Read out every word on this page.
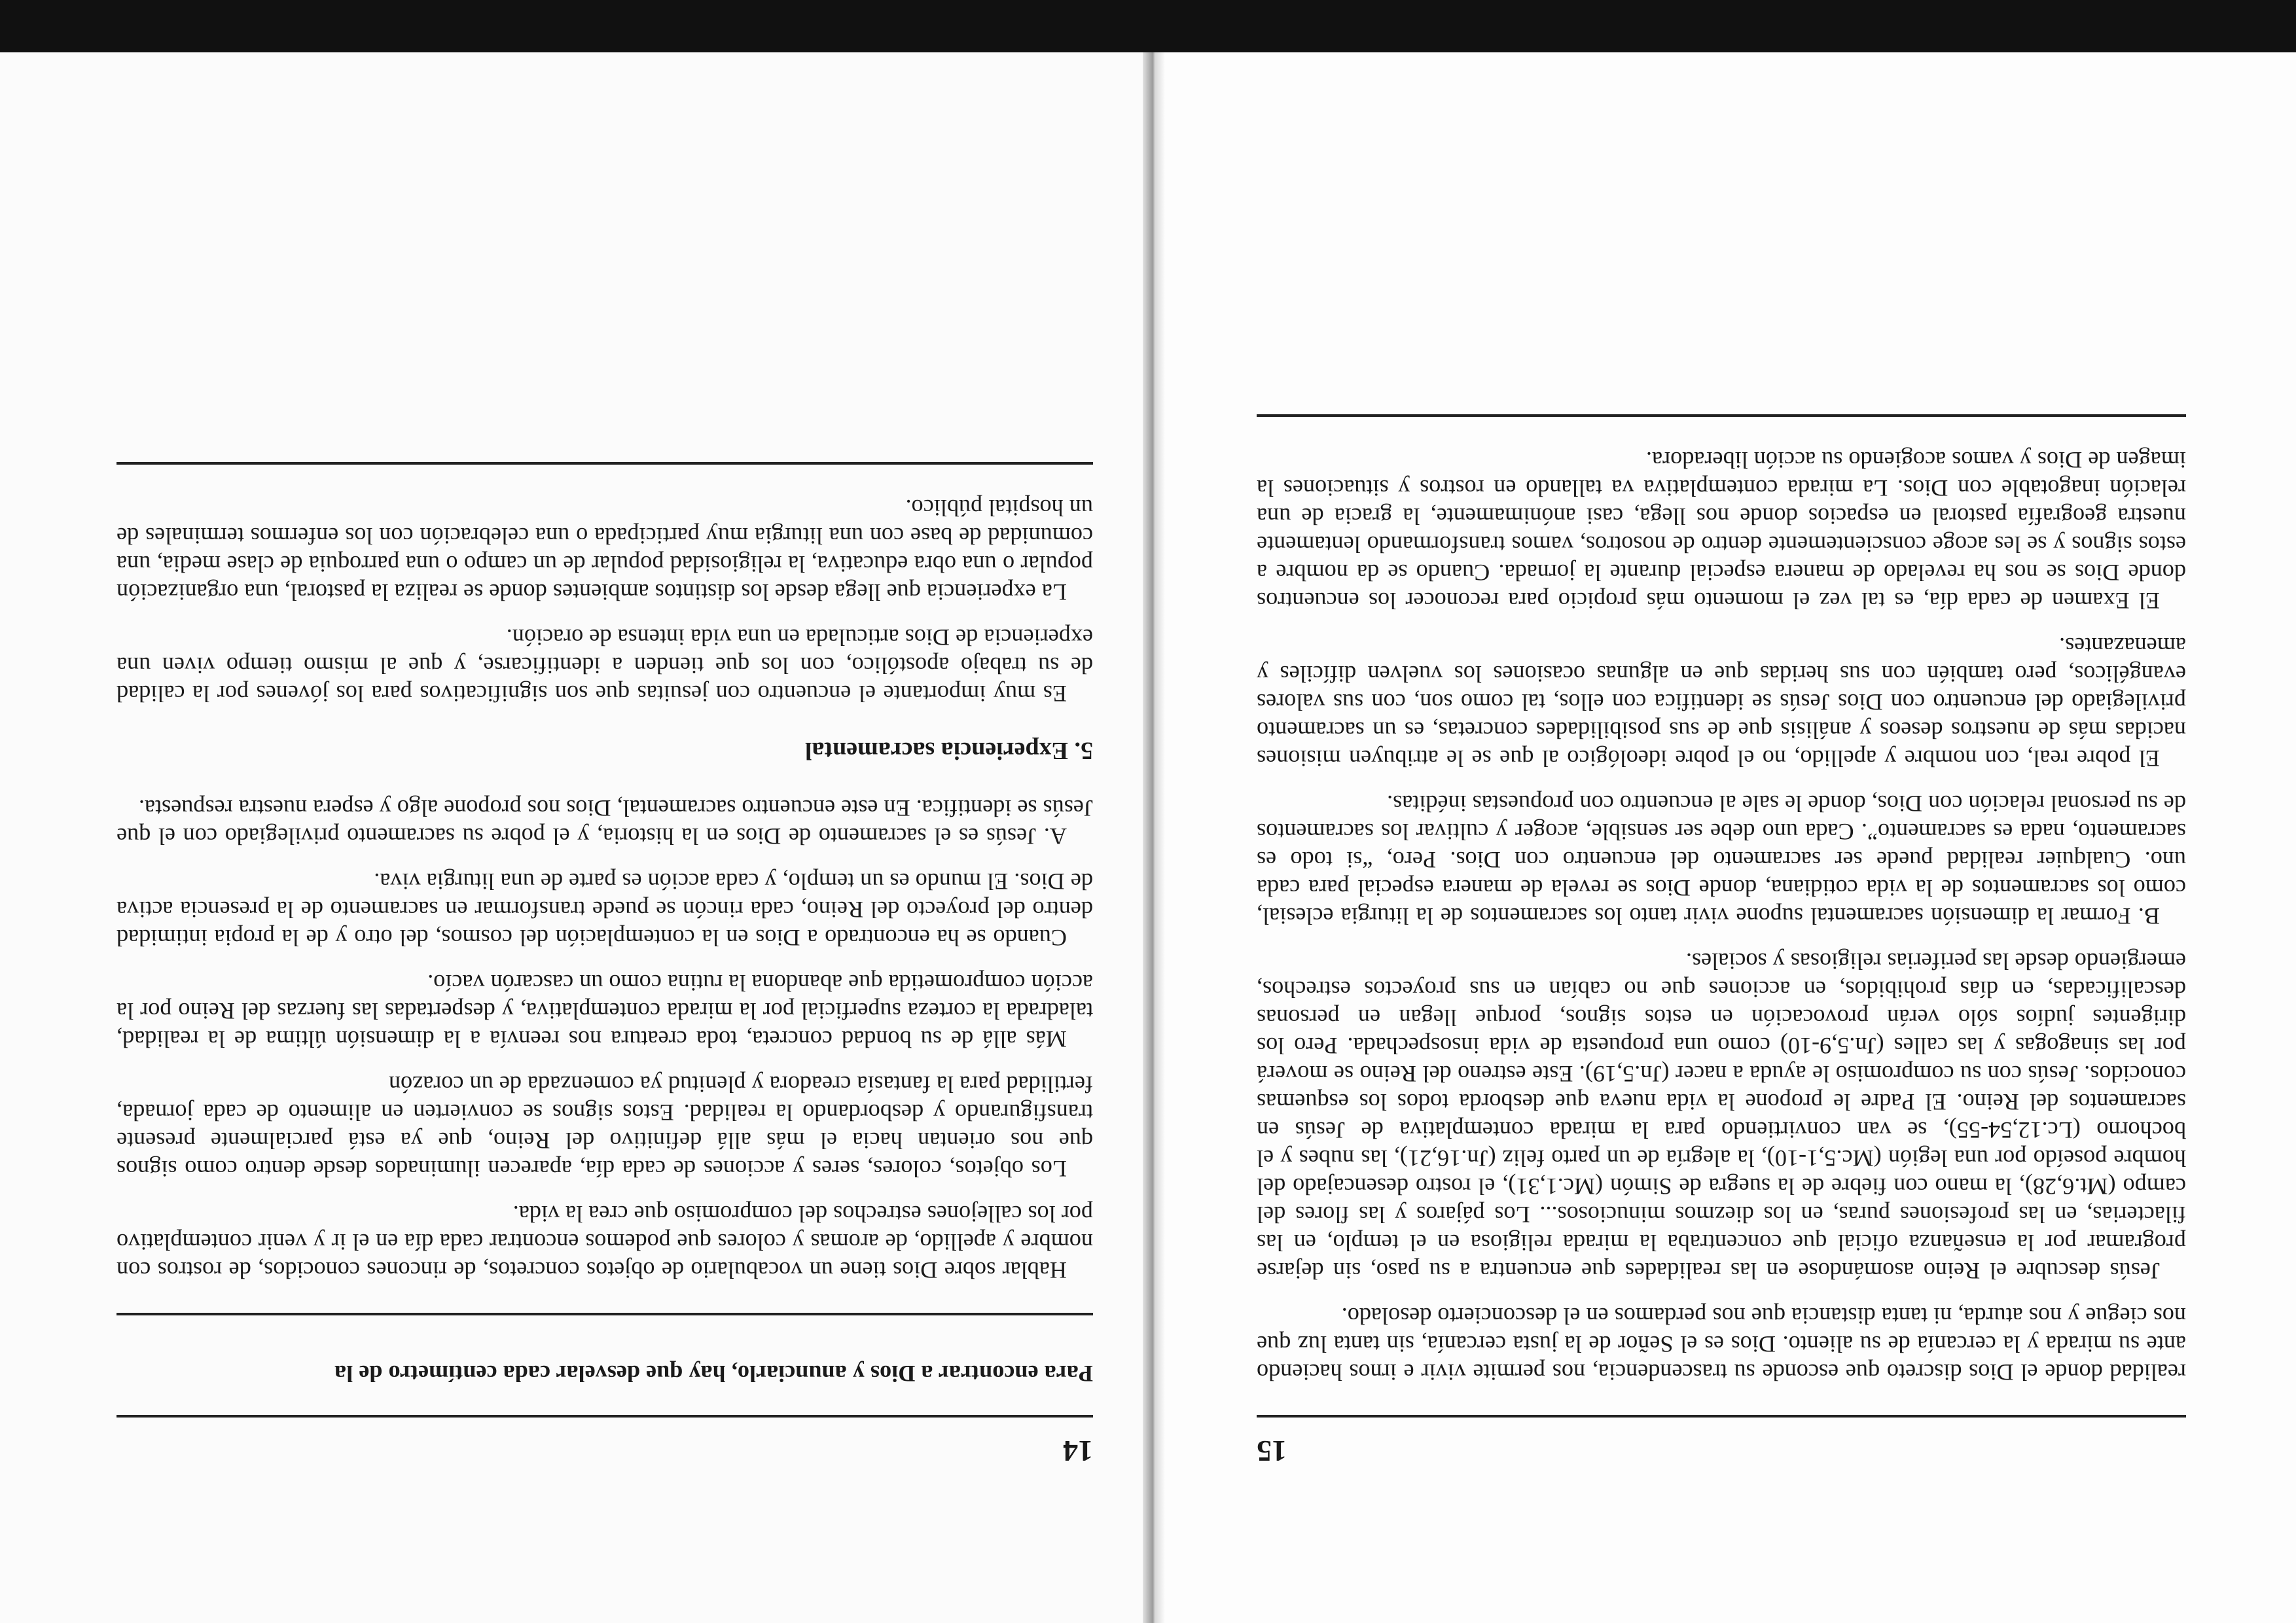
14	15

realidad donde el Dios discreto que esconde su trascendencia, nos permite vivir e irnos haciendo ante su mirada y la cercanía de su aliento. Dios es el Señor de la justa cercanía, sin tanta luz que nos ciegue y nos aturda, ni tanta distancia que nos perdamos en el desconcierto desolado.

Jesús descubre el Reino asomándose en las realidades que encuentra a su paso, sin dejarse programar por la enseñanza oficial que concentraba la mirada religiosa en el templo, en las filacterias, en las profesiones puras, en los diezmos minuciosos... Los pájaros y las flores del campo (Mt.6,28), la mano con fiebre de la suegra de Simón (Mc.1,31), el rostro desencajado del hombre poseído por una legión (Mc.5,1-10), la alegría de un parto feliz (Jn.16,21), las nubes y el bochorno (Lc.12,54-55), se van convirtiendo para la mirada contemplativa de Jesús en sacramentos del Reino. El Padre le propone la vida nueva que desborda todos los esquemas conocidos. Jesús con su compromiso le ayuda a nacer (Jn.5,19). Este estreno del Reino se moverá por las sinagogas y las calles (Jn.5,9-10) como una propuesta de vida insospechada. Pero los dirigentes judíos sólo verán provocación en estos signos, porque llegan en personas descalificadas, en días prohibidos, en acciones que no cabían en sus proyectos estrechos, emergiendo desde las periferias religiosas y sociales.

B. Formar la dimensión sacramental supone vivir tanto los sacramentos de la liturgia eclesial, como los sacramentos de la vida cotidiana, donde Dios se revela de manera especial para cada uno. Cualquier realidad puede ser sacramento del encuentro con Dios. Pero, “si todo es sacramento, nada es sacramento”. Cada uno debe ser sensible, acoger y cultivar los sacramentos de su personal relación con Dios, donde le sale al encuentro con propuestas inéditas.

El pobre real, con nombre y apellido, no el pobre ideológico al que se le atribuyen misiones nacidas más de nuestros deseos y análisis que de sus posibilidades concretas, es un sacramento privilegiado del encuentro con Dios Jesús se identifica con ellos, tal como son, con sus valores evangélicos, pero también con sus heridas que en algunas ocasiones los vuelven difíciles y amenazantes.

El Examen de cada día, es tal vez el momento más propicio para reconocer los encuentros donde Dios se nos ha revelado de manera especial durante la jornada. Cuando se da nombre a estos signos y se les acoge conscientemente dentro de nosotros, vamos transformando lentamente nuestra geografía pastoral en espacios donde nos llega, casi anónimamente, la gracia de una relación inagotable con Dios. La mirada contemplativa va tallando en rostros y situaciones la imagen de Dios y vamos acogiendo su acción liberadora.

Para encontrar a Dios y anunciarlo, hay que desvelar cada centímetro de la

Hablar sobre Dios tiene un vocabulario de objetos concretos, de rincones conocidos, de rostros con nombre y apellido, de aromas y colores que podemos encontrar cada día en el ir y venir contemplativo por los callejones estrechos del compromiso que crea la vida.

Los objetos, colores, seres y acciones de cada día, aparecen iluminados desde dentro como signos que nos orientan hacia el más allá definitivo del Reino, que ya está parcialmente presente transfigurando y desbordando la realidad. Estos signos se convierten en alimento de cada jornada, fertilidad para la fantasía creadora y plenitud ya comenzada de un corazón

Más allá de su bondad concreta, toda creatura nos reenvía a la dimensión última de la realidad, taladrada la corteza superficial por la mirada contemplativa, y despertadas las fuerzas del Reino por la acción comprometida que abandona la rutina como un cascarón vacío.

Cuando se ha encontrado a Dios en la contemplación del cosmos, del otro y de la propia intimidad dentro del proyecto del Reino, cada rincón se puede transformar en sacramento de la presencia activa de Dios. El mundo es un templo, y cada acción es parte de una liturgia viva.

A. Jesús es el sacramento de Dios en la historia, y el pobre su sacramento privilegiado con el que Jesús se identifica. En este encuentro sacramental, Dios nos propone algo y espera nuestra respuesta.

5. Experiencia sacramental

Es muy importante el encuentro con jesuitas que son significativos para los jóvenes por la calidad de su trabajo apostólico, con los que tienden a identificarse, y que al mismo tiempo viven una experiencia de Dios articulada en una vida intensa de oración.

La experiencia que llega desde los distintos ambientes donde se realiza la pastoral, una organización popular o una obra educativa, la religiosidad popular de un campo o una parroquia de clase media, una comunidad de base con una liturgia muy participada o una celebración con los enfermos terminales de un hospital público.
